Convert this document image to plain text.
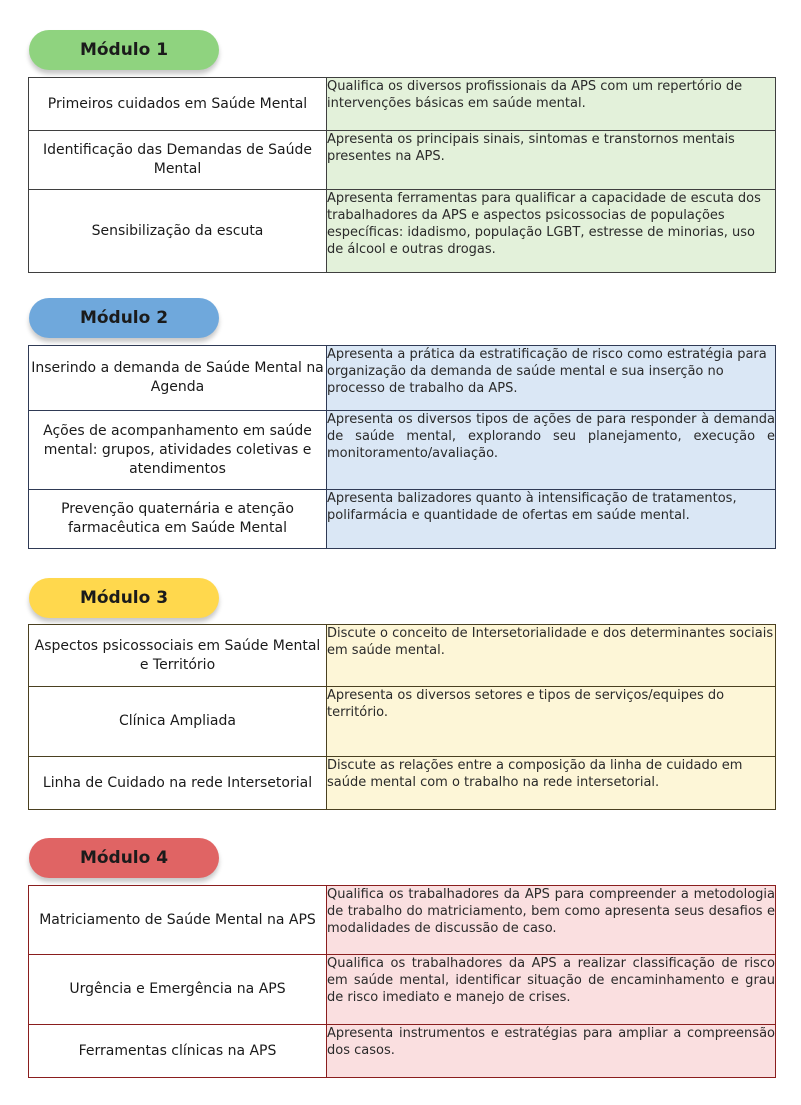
Módulo 1
Primeiros cuidados em Saúde Mental	Qualifica os diversos profissionais da APS com um repertório de intervenções básicas em saúde mental.
Identificação das Demandas de Saúde Mental	Apresenta os principais sinais, sintomas e transtornos mentais presentes na APS.
Sensibilização da escuta	Apresenta ferramentas para qualificar a capacidade de escuta dos trabalhadores da APS e aspectos psicossocias de populações específicas: idadismo, população LGBT, estresse de minorias, uso de álcool e outras drogas.
Módulo 2
Inserindo a demanda de Saúde Mental na Agenda	Apresenta a prática da estratificação de risco como estratégia para organização da demanda de saúde mental e sua inserção no processo de trabalho da APS.
Ações de acompanhamento em saúde mental: grupos, atividades coletivas e atendimentos	Apresenta os diversos tipos de ações de para responder à demanda de saúde mental, explorando seu planejamento, execução e monitoramento/avaliação.
Prevenção quaternária e atenção farmacêutica em Saúde Mental	Apresenta balizadores quanto à intensificação de tratamentos, polifarmácia e quantidade de ofertas em saúde mental.
Módulo 3
Aspectos psicossociais em Saúde Mental e Território	Discute o conceito de Intersetorialidade e dos determinantes sociais em saúde mental.
Clínica Ampliada	Apresenta os diversos setores e tipos de serviços/equipes do território.
Linha de Cuidado na rede Intersetorial	Discute as relações entre a composição da linha de cuidado em saúde mental com o trabalho na rede intersetorial.
Módulo 4
Matriciamento de Saúde Mental na APS	Qualifica os trabalhadores da APS para compreender a metodologia de trabalho do matriciamento, bem como apresenta seus desafios e modalidades de discussão de caso.
Urgência e Emergência na APS	Qualifica os trabalhadores da APS a realizar classificação de risco em saúde mental, identificar situação de encaminhamento e grau de risco imediato e manejo de crises.
Ferramentas clínicas na APS	Apresenta instrumentos e estratégias para ampliar a compreensão dos casos.
